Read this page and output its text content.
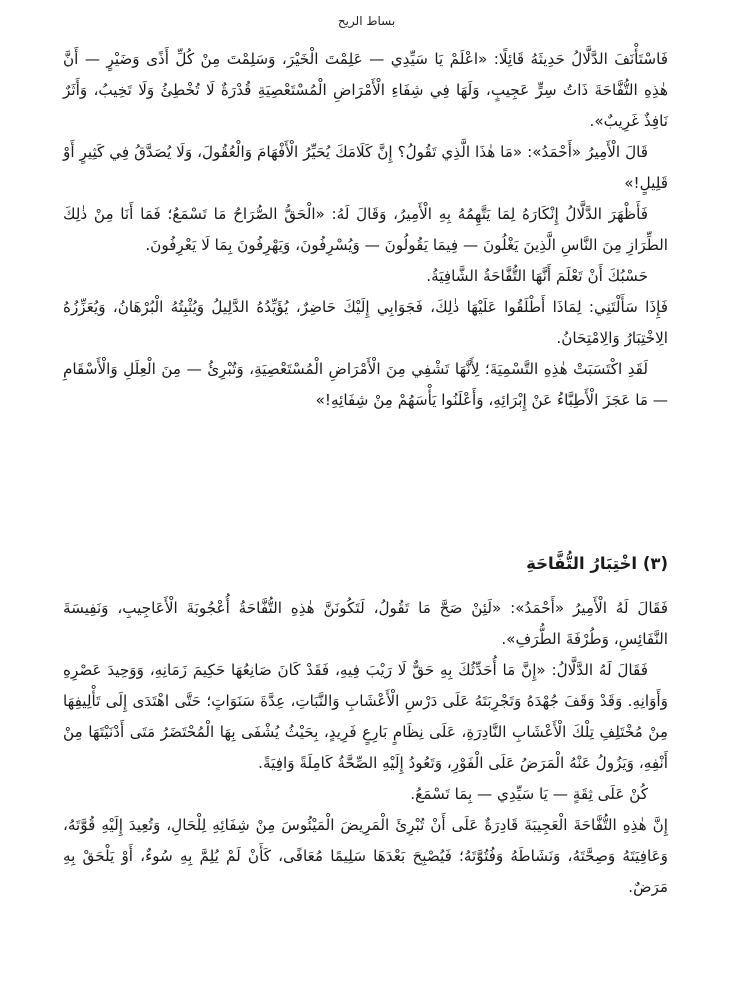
بساط الريح

فَاسْتَأْنَفَ الدَّلَّالُ حَدِيثَهُ قَائِلًا: «اعْلَمْ يَا سَيِّدِي — عَلِمْتَ الْخَيْرَ، وَسَلِمْتَ مِنْ كُلِّ أَذًى وَضَيْرٍ — أَنَّ هٰذِهِ التُّفَّاحَةَ ذَاتُ سِرٍّ عَجِيبٍ، وَلَهَا فِي شِفَاءِ الْأَمْرَاضِ الْمُسْتَعْصِيَةِ قُدْرَةٌ لَا تُخْطِئُ وَلَا تَخِيبُ، وَأَثَرٌ نَافِذٌ غَرِيبٌ».

قَالَ الْأَمِيرُ «أَحْمَدُ»: «مَا هٰذَا الَّذِي تَقُولُ؟ إِنَّ كَلَامَكَ يُحَيِّرُ الْأَفْهَامَ وَالْعُقُولَ، وَلَا يُصَدَّقُ فِي كَثِيرٍ أَوْ قَلِيلٍ!»

فَأَظْهَرَ الدَّلَّالُ إِنْكَارَهُ لِمَا يَتَّهِمُهُ بِهِ الْأَمِيرُ، وَقَالَ لَهُ: «الْحَقُّ الصُّرَاحُ مَا تَسْمَعُ؛ فَمَا أَنَا مِنْ ذٰلِكَ الطِّرَازِ مِنَ النَّاسِ الَّذِينَ يَغْلُونَ — فِيمَا يَقُولُونَ — وَيُسْرِفُونَ، وَيَهْرِفُونَ بِمَا لَا يَعْرِفُونَ.

حَسْبُكَ أَنْ تَعْلَمَ أَنَّهَا التُّفَّاحَةُ الشَّافِيَةُ.

فَإِذَا سَأَلْتَنِي: لِمَاذَا أَطْلَقُوا عَلَيْهَا ذٰلِكَ، فَجَوَابِي إِلَيْكَ حَاضِرٌ، يُؤَيِّدُهُ الدَّلِيلُ وَيُثْبِتُهُ الْبُرْهَانُ، وَيُعَزِّزُهُ الِاخْتِبَارُ وَالِامْتِحَانُ.

لَقَدِ اكْتَسَبَتْ هٰذِهِ التَّسْمِيَةَ؛ لِأَنَّهَا تَشْفِي مِنَ الْأَمْرَاضِ الْمُسْتَعْصِيَةِ، وَتُبْرِئُ — مِنَ الْعِلَلِ وَالْأَسْقَامِ — مَا عَجَزَ الْأَطِبَّاءُ عَنْ إِبْرَائِهِ، وَأَعْلَنُوا يَأْسَهُمْ مِنْ شِفَائِهِ!»

(٣) اخْتِبَارُ التُّفَّاحَةِ

فَقَالَ لَهُ الْأَمِيرُ «أَحْمَدُ»: «لَئِنْ صَحَّ مَا تَقُولُ، لَتَكُونَنَّ هٰذِهِ التُّفَّاحَةُ أُعْجُوبَةَ الْأَعَاجِيبِ، وَنَفِيسَةَ النَّفَائِسِ، وَطُرْفَةَ الطُّرَفِ».

فَقَالَ لَهُ الدَّلَّالُ: «إِنَّ مَا أُحَدِّثُكَ بِهِ حَقٌّ لَا رَيْبَ فِيهِ، فَقَدْ كَانَ صَانِعُهَا حَكِيمَ زَمَانِهِ، وَوَحِيدَ عَصْرِهِ وَأَوَانِهِ. وَقَدْ وَقَفَ جُهْدَهُ وَتَجْرِبَتَهُ عَلَى دَرْسِ الْأَعْشَابِ وَالنَّبَاتِ، عِدَّةَ سَنَوَاتٍ؛ حَتَّى اهْتَدَى إِلَى تَأْلِيفِهَا مِنْ مُخْتَلِفِ تِلْكَ الْأَعْشَابِ النَّادِرَةِ، عَلَى نِظَامٍ بَارِعٍ فَرِيدٍ، بِحَيْثُ يُشْفَى بِهَا الْمُحْتَضَرُ مَتَى أَدْنَيْتَهَا مِنْ أَنْفِهِ، وَيَزُولُ عَنْهُ الْمَرَضُ عَلَى الْفَوْرِ، وَتَعُودُ إِلَيْهِ الصِّحَّةُ كَامِلَةً وَافِيَةً.

كُنْ عَلَى ثِقَةٍ — يَا سَيِّدِي — بِمَا تَسْمَعُ.

إِنَّ هٰذِهِ التُّفَّاحَةَ الْعَجِيبَةَ قَادِرَةٌ عَلَى أَنْ تُبْرِئَ الْمَرِيضَ الْمَيْئُوسَ مِنْ شِفَائِهِ لِلْحَالِ، وَتُعِيدَ إِلَيْهِ قُوَّتَهُ، وَعَافِيَتَهُ وَصِحَّتَهُ، وَنَشَاطَهُ وَفُتُوَّتَهُ؛ فَيُصْبِحَ بَعْدَهَا سَلِيمًا مُعَافًى، كَأَنْ لَمْ يُلِمَّ بِهِ سُوءٌ، أَوْ يَلْحَقْ بِهِ مَرَضٌ.
